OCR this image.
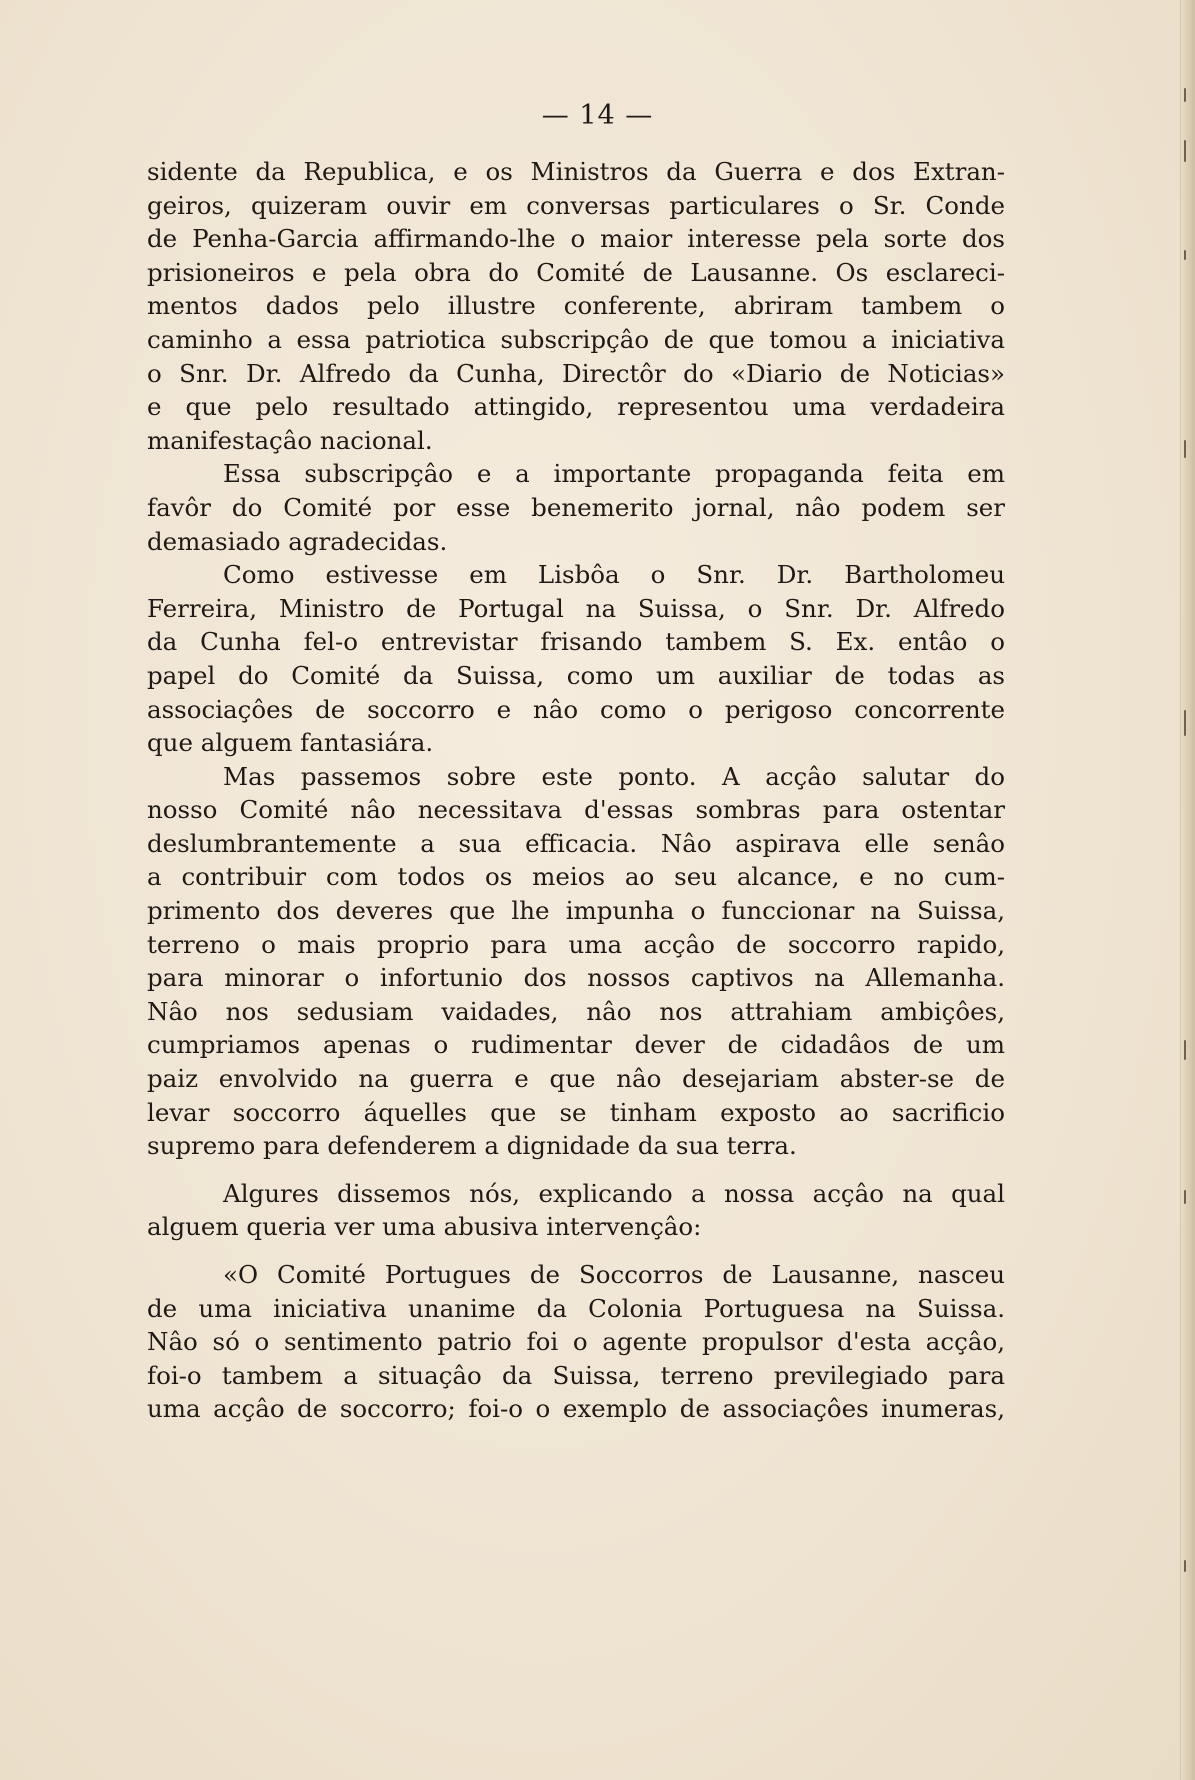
— 14 —
sidente da Republica, e os Ministros da Guerra e dos Extran-
geiros, quizeram ouvir em conversas particulares o Sr. Conde
de Penha-Garcia affirmando-lhe o maior interesse pela sorte dos
prisioneiros e pela obra do Comité de Lausanne. Os esclareci-
mentos dados pelo illustre conferente, abriram tambem o
caminho a essa patriotica subscripçâo de que tomou a iniciativa
o Snr. Dr. Alfredo da Cunha, Directôr do «Diario de Noticias»
e que pelo resultado attingido, representou uma verdadeira
manifestaçâo nacional.
Essa subscripçâo e a importante propaganda feita em
favôr do Comité por esse benemerito jornal, nâo podem ser
demasiado agradecidas.
Como estivesse em Lisbôa o Snr. Dr. Bartholomeu
Ferreira, Ministro de Portugal na Suissa, o Snr. Dr. Alfredo
da Cunha fel-o entrevistar frisando tambem S. Ex. entâo o
papel do Comité da Suissa, como um auxiliar de todas as
associaçôes de soccorro e nâo como o perigoso concorrente
que alguem fantasiára.
Mas passemos sobre este ponto. A acçâo salutar do
nosso Comité nâo necessitava d'essas sombras para ostentar
deslumbrantemente a sua efficacia. Nâo aspirava elle senâo
a contribuir com todos os meios ao seu alcance, e no cum-
primento dos deveres que lhe impunha o funccionar na Suissa,
terreno o mais proprio para uma acçâo de soccorro rapido,
para minorar o infortunio dos nossos captivos na Allemanha.
Nâo nos sedusiam vaidades, nâo nos attrahiam ambiçôes,
cumpriamos apenas o rudimentar dever de cidadâos de um
paiz envolvido na guerra e que nâo desejariam abster-se de
levar soccorro áquelles que se tinham exposto ao sacrificio
supremo para defenderem a dignidade da sua terra.
Algures dissemos nós, explicando a nossa acçâo na qual
alguem queria ver uma abusiva intervençâo:
«O Comité Portugues de Soccorros de Lausanne, nasceu
de uma iniciativa unanime da Colonia Portuguesa na Suissa.
Nâo só o sentimento patrio foi o agente propulsor d'esta acçâo,
foi-o tambem a situaçâo da Suissa, terreno previlegiado para
uma acçâo de soccorro; foi-o o exemplo de associaçôes inumeras,
